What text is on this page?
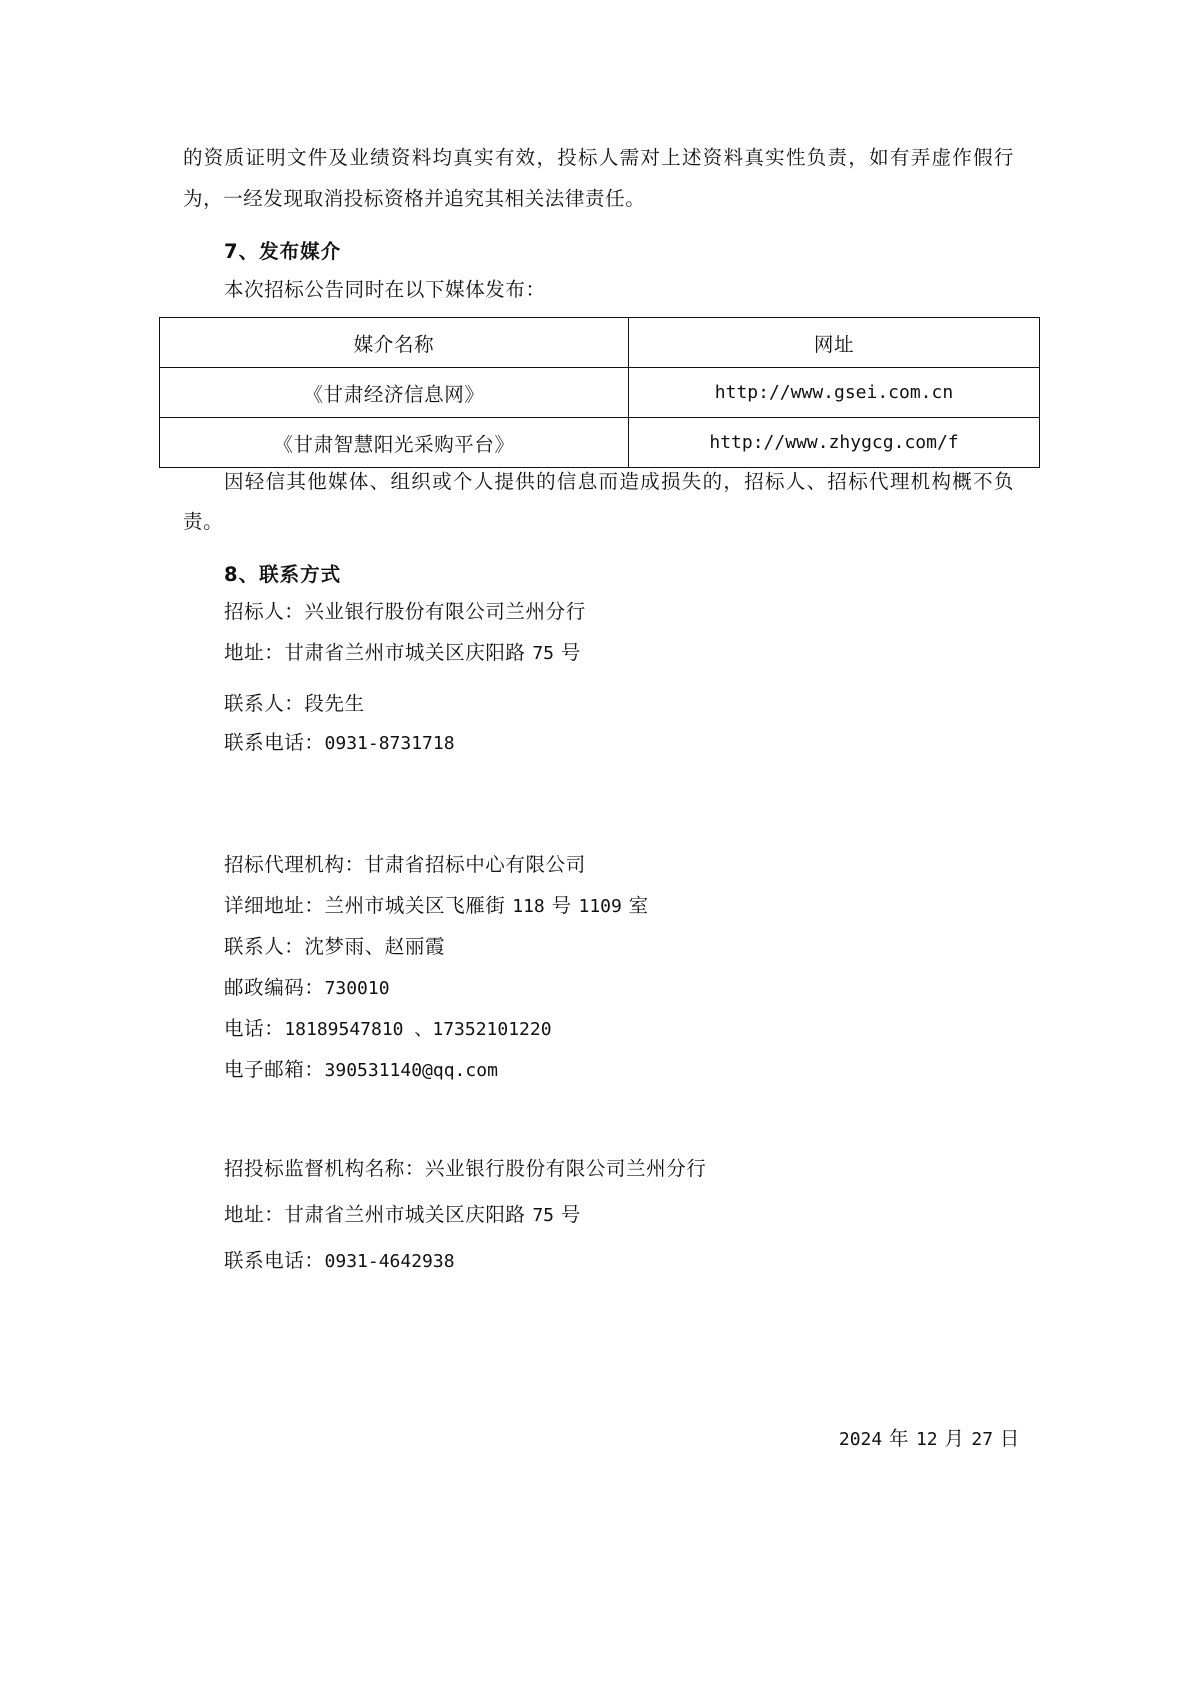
的资质证明文件及业绩资料均真实有效，投标人需对上述资料真实性负责，如有弄虚作假行
为，一经发现取消投标资格并追究其相关法律责任。
7、发布媒介
本次招标公告同时在以下媒体发布：
媒介名称	网址
《甘肃经济信息网》	http://www.gsei.com.cn
《甘肃智慧阳光采购平台》	http://www.zhygcg.com/f
因轻信其他媒体、组织或个人提供的信息而造成损失的，招标人、招标代理机构概不负
责。
8、联系方式
招标人：兴业银行股份有限公司兰州分行
地址：甘肃省兰州市城关区庆阳路 75 号
联系人：段先生
联系电话：0931-8731718
招标代理机构：甘肃省招标中心有限公司
详细地址：兰州市城关区飞雁街 118 号 1109 室
联系人：沈梦雨、赵丽霞
邮政编码：730010
电话：18189547810 、17352101220
电子邮箱：390531140@qq.com
招投标监督机构名称：兴业银行股份有限公司兰州分行
地址：甘肃省兰州市城关区庆阳路 75 号
联系电话：0931-4642938
2024 年 12 月 27 日
